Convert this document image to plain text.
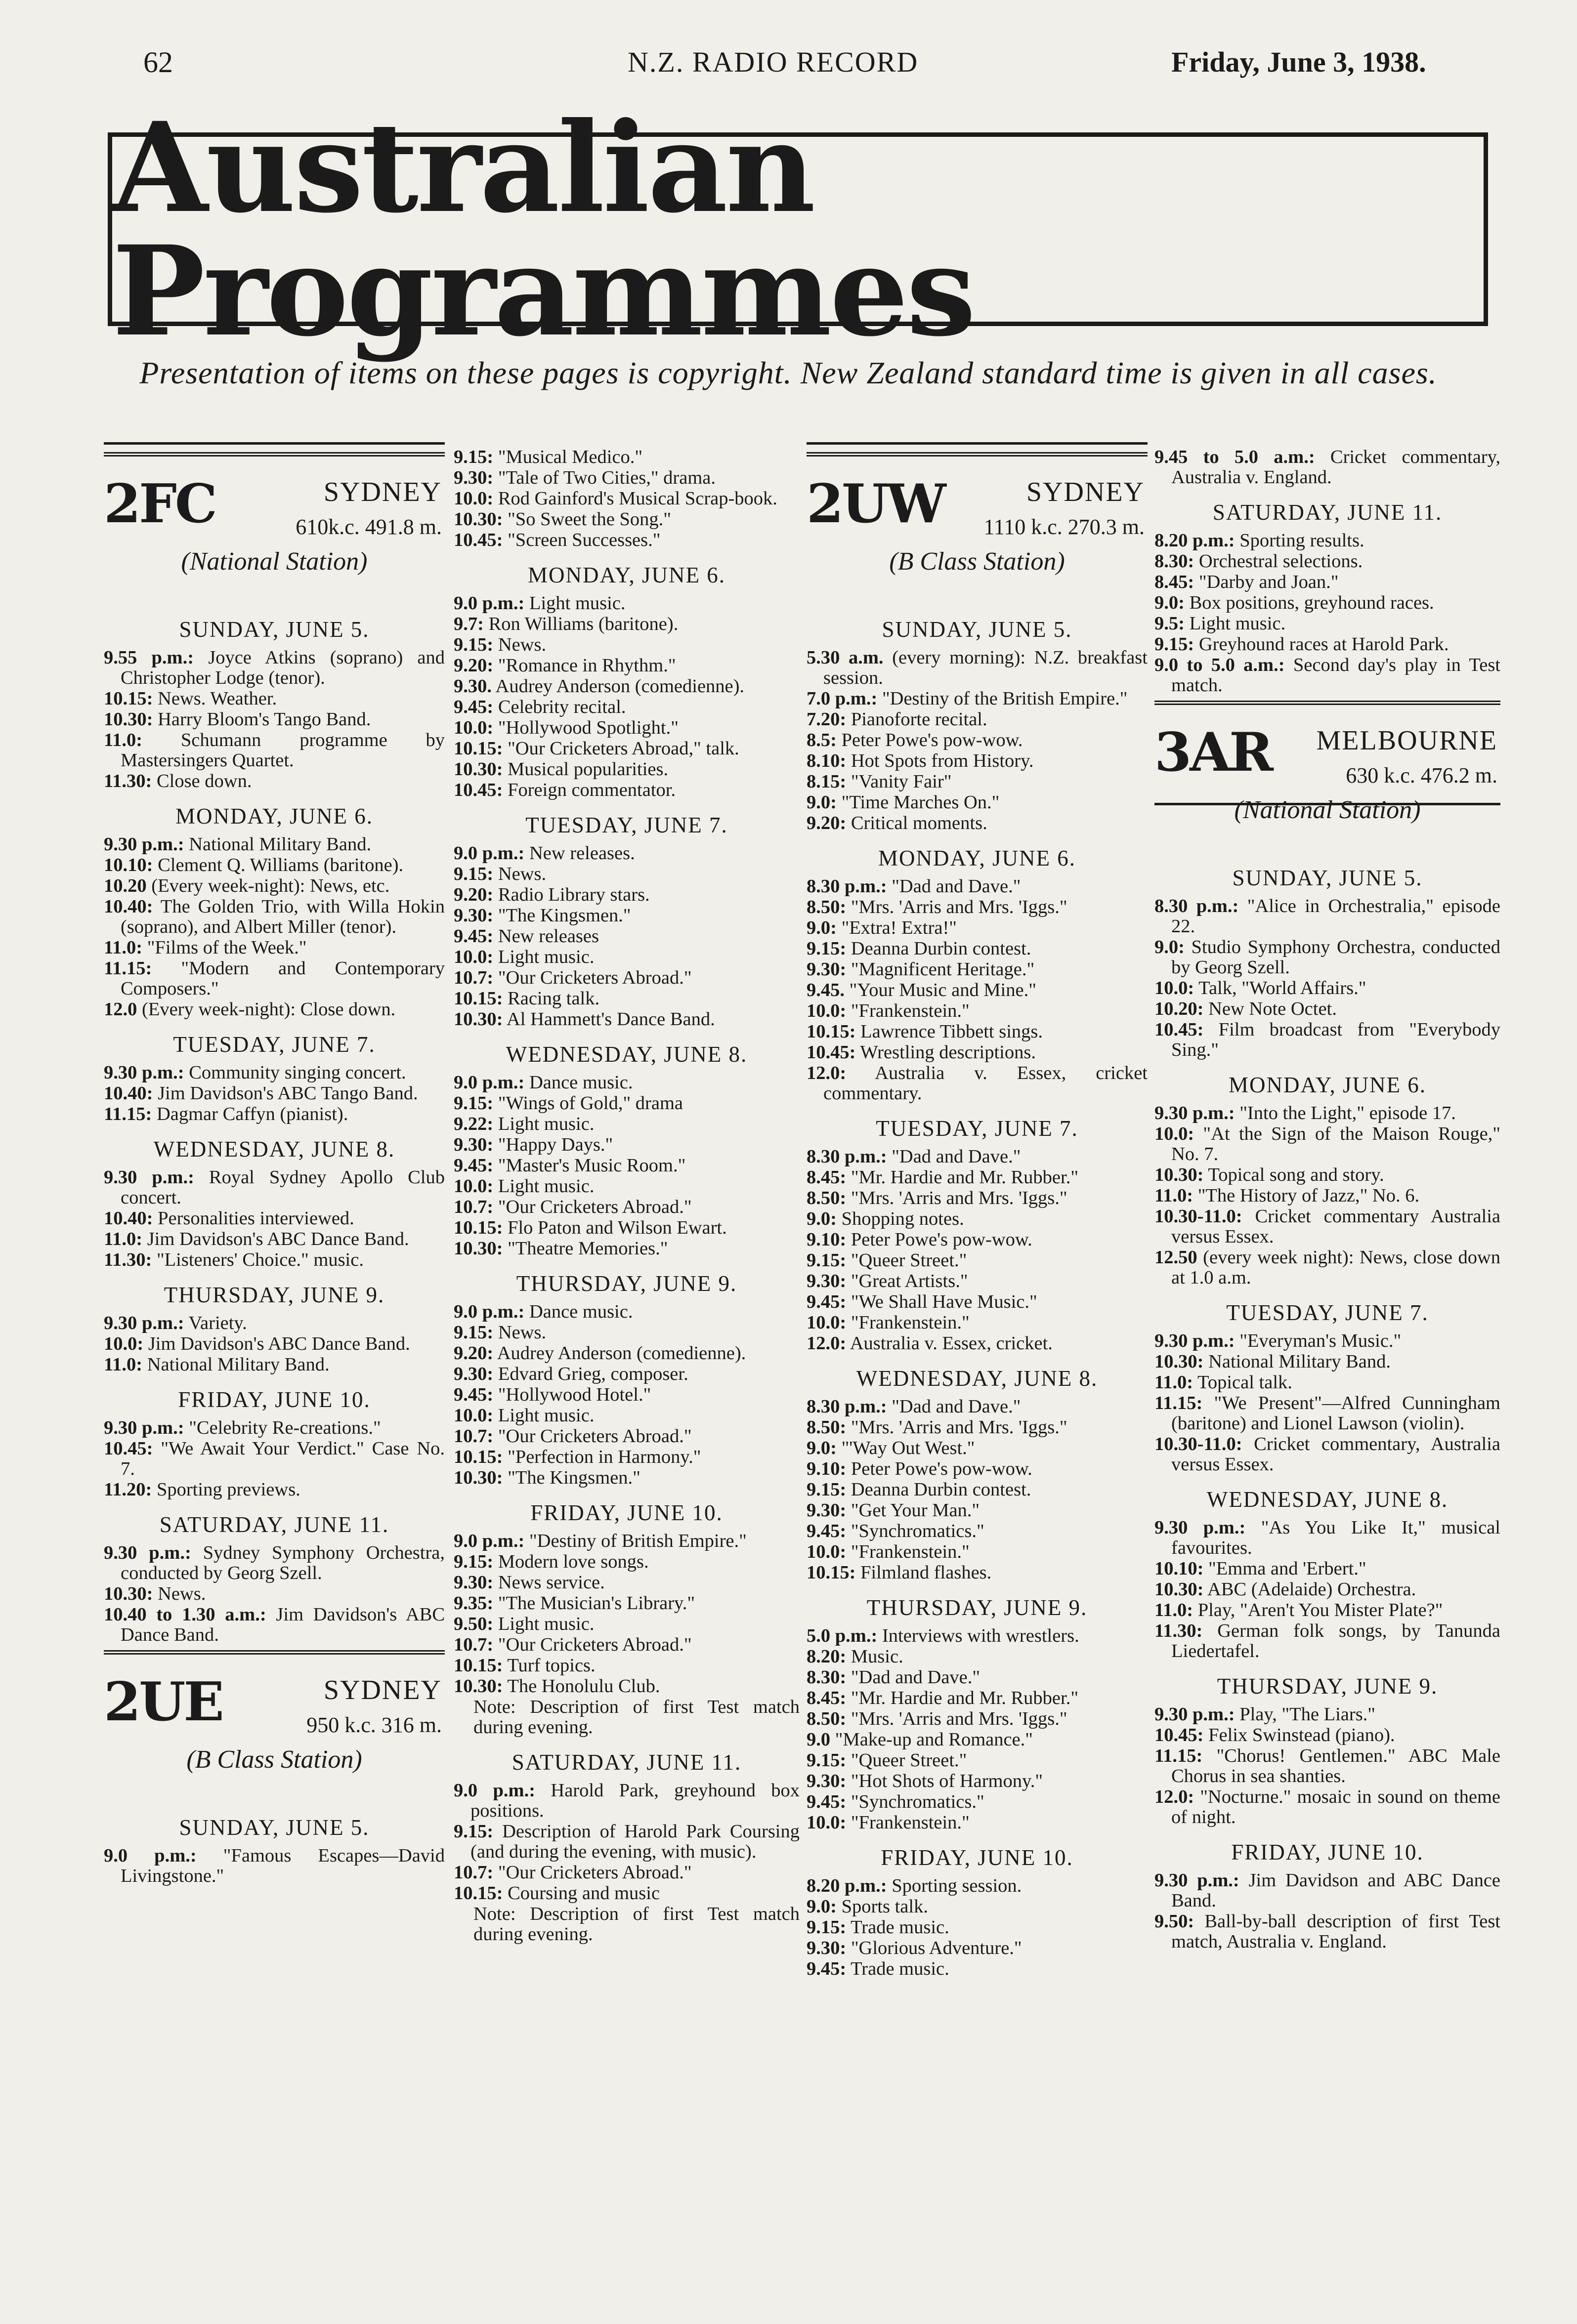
62	N.Z. RADIO RECORD	Friday, June 3, 1938.
Australian Programmes
Presentation of items on these pages is copyright. New Zealand standard time is given in all cases.
2FC	SYDNEY
610k.c. 491.8 m.
(National Station)
SUNDAY, JUNE 5.
9.55 p.m.: Joyce Atkins (soprano) and Christopher Lodge (tenor).
10.15: News. Weather.
10.30: Harry Bloom's Tango Band.
11.0: Schumann programme by Mastersingers Quartet.
11.30: Close down.
MONDAY, JUNE 6.
9.30 p.m.: National Military Band.
10.10: Clement Q. Williams (baritone).
10.20 (Every week-night): News, etc.
10.40: The Golden Trio, with Willa Hokin (soprano), and Albert Miller (tenor).
11.0: "Films of the Week."
11.15: "Modern and Contemporary Composers."
12.0 (Every week-night): Close down.
TUESDAY, JUNE 7.
9.30 p.m.: Community singing concert.
10.40: Jim Davidson's ABC Tango Band.
11.15: Dagmar Caffyn (pianist).
WEDNESDAY, JUNE 8.
9.30 p.m.: Royal Sydney Apollo Club concert.
10.40: Personalities interviewed.
11.0: Jim Davidson's ABC Dance Band.
11.30: "Listeners' Choice." music.
THURSDAY, JUNE 9.
9.30 p.m.: Variety.
10.0: Jim Davidson's ABC Dance Band.
11.0: National Military Band.
FRIDAY, JUNE 10.
9.30 p.m.: "Celebrity Re-creations."
10.45: "We Await Your Verdict." Case No. 7.
11.20: Sporting previews.
SATURDAY, JUNE 11.
9.30 p.m.: Sydney Symphony Orchestra, conducted by Georg Szell.
10.30: News.
10.40 to 1.30 a.m.: Jim Davidson's ABC Dance Band.
2UE	SYDNEY
950 k.c. 316 m.
(B Class Station)
SUNDAY, JUNE 5.
9.0 p.m.: "Famous Escapes—David Livingstone."
9.15: "Musical Medico."
9.30: "Tale of Two Cities," drama.
10.0: Rod Gainford's Musical Scrap-book.
10.30: "So Sweet the Song."
10.45: "Screen Successes."
MONDAY, JUNE 6.
9.0 p.m.: Light music.
9.7: Ron Williams (baritone).
9.15: News.
9.20: "Romance in Rhythm."
9.30. Audrey Anderson (comedienne).
9.45: Celebrity recital.
10.0: "Hollywood Spotlight."
10.15: "Our Cricketers Abroad," talk.
10.30: Musical popularities.
10.45: Foreign commentator.
TUESDAY, JUNE 7.
9.0 p.m.: New releases.
9.15: News.
9.20: Radio Library stars.
9.30: "The Kingsmen."
9.45: New releases
10.0: Light music.
10.7: "Our Cricketers Abroad."
10.15: Racing talk.
10.30: Al Hammett's Dance Band.
WEDNESDAY, JUNE 8.
9.0 p.m.: Dance music.
9.15: "Wings of Gold," drama
9.22: Light music.
9.30: "Happy Days."
9.45: "Master's Music Room."
10.0: Light music.
10.7: "Our Cricketers Abroad."
10.15: Flo Paton and Wilson Ewart.
10.30: "Theatre Memories."
THURSDAY, JUNE 9.
9.0 p.m.: Dance music.
9.15: News.
9.20: Audrey Anderson (comedienne).
9.30: Edvard Grieg, composer.
9.45: "Hollywood Hotel."
10.0: Light music.
10.7: "Our Cricketers Abroad."
10.15: "Perfection in Harmony."
10.30: "The Kingsmen."
FRIDAY, JUNE 10.
9.0 p.m.: "Destiny of British Empire."
9.15: Modern love songs.
9.30: News service.
9.35: "The Musician's Library."
9.50: Light music.
10.7: "Our Cricketers Abroad."
10.15: Turf topics.
10.30: The Honolulu Club.
Note: Description of first Test match during evening.
SATURDAY, JUNE 11.
9.0 p.m.: Harold Park, greyhound box positions.
9.15: Description of Harold Park Coursing (and during the evening, with music).
10.7: "Our Cricketers Abroad."
10.15: Coursing and music
Note: Description of first Test match during evening.
2UW	SYDNEY
1110 k.c. 270.3 m.
(B Class Station)
SUNDAY, JUNE 5.
5.30 a.m. (every morning): N.Z. breakfast session.
7.0 p.m.: "Destiny of the British Empire."
7.20: Pianoforte recital.
8.5: Peter Powe's pow-wow.
8.10: Hot Spots from History.
8.15: "Vanity Fair"
9.0: "Time Marches On."
9.20: Critical moments.
MONDAY, JUNE 6.
8.30 p.m.: "Dad and Dave."
8.50: "Mrs. 'Arris and Mrs. 'Iggs."
9.0: "Extra! Extra!"
9.15: Deanna Durbin contest.
9.30: "Magnificent Heritage."
9.45. "Your Music and Mine."
10.0: "Frankenstein."
10.15: Lawrence Tibbett sings.
10.45: Wrestling descriptions.
12.0: Australia v. Essex, cricket commentary.
TUESDAY, JUNE 7.
8.30 p.m.: "Dad and Dave."
8.45: "Mr. Hardie and Mr. Rubber."
8.50: "Mrs. 'Arris and Mrs. 'Iggs."
9.0: Shopping notes.
9.10: Peter Powe's pow-wow.
9.15: "Queer Street."
9.30: "Great Artists."
9.45: "We Shall Have Music."
10.0: "Frankenstein."
12.0: Australia v. Essex, cricket.
WEDNESDAY, JUNE 8.
8.30 p.m.: "Dad and Dave."
8.50: "Mrs. 'Arris and Mrs. 'Iggs."
9.0: "'Way Out West."
9.10: Peter Powe's pow-wow.
9.15: Deanna Durbin contest.
9.30: "Get Your Man."
9.45: "Synchromatics."
10.0: "Frankenstein."
10.15: Filmland flashes.
THURSDAY, JUNE 9.
5.0 p.m.: Interviews with wrestlers.
8.20: Music.
8.30: "Dad and Dave."
8.45: "Mr. Hardie and Mr. Rubber."
8.50: "Mrs. 'Arris and Mrs. 'Iggs."
9.0 "Make-up and Romance."
9.15: "Queer Street."
9.30: "Hot Shots of Harmony."
9.45: "Synchromatics."
10.0: "Frankenstein."
FRIDAY, JUNE 10.
8.20 p.m.: Sporting session.
9.0: Sports talk.
9.15: Trade music.
9.30: "Glorious Adventure."
9.45: Trade music.
9.45 to 5.0 a.m.: Cricket commentary, Australia v. England.
SATURDAY, JUNE 11.
8.20 p.m.: Sporting results.
8.30: Orchestral selections.
8.45: "Darby and Joan."
9.0: Box positions, greyhound races.
9.5: Light music.
9.15: Greyhound races at Harold Park.
9.0 to 5.0 a.m.: Second day's play in Test match.
3AR MELBOURNE
630 k.c. 476.2 m.
(National Station)
SUNDAY, JUNE 5.
8.30 p.m.: "Alice in Orchestralia," episode 22.
9.0: Studio Symphony Orchestra, conducted by Georg Szell.
10.0: Talk, "World Affairs."
10.20: New Note Octet.
10.45: Film broadcast from "Everybody Sing."
MONDAY, JUNE 6.
9.30 p.m.: "Into the Light," episode 17.
10.0: "At the Sign of the Maison Rouge," No. 7.
10.30: Topical song and story.
11.0: "The History of Jazz," No. 6.
10.30-11.0: Cricket commentary Australia versus Essex.
12.50 (every week night): News, close down at 1.0 a.m.
TUESDAY, JUNE 7.
9.30 p.m.: "Everyman's Music."
10.30: National Military Band.
11.0: Topical talk.
11.15: "We Present"—Alfred Cunningham (baritone) and Lionel Lawson (violin).
10.30-11.0: Cricket commentary, Australia versus Essex.
WEDNESDAY, JUNE 8.
9.30 p.m.: "As You Like It," musical favourites.
10.10: "Emma and 'Erbert."
10.30: ABC (Adelaide) Orchestra.
11.0: Play, "Aren't You Mister Plate?"
11.30: German folk songs, by Tanunda Liedertafel.
THURSDAY, JUNE 9.
9.30 p.m.: Play, "The Liars."
10.45: Felix Swinstead (piano).
11.15: "Chorus! Gentlemen." ABC Male Chorus in sea shanties.
12.0: "Nocturne." mosaic in sound on theme of night.
FRIDAY, JUNE 10.
9.30 p.m.: Jim Davidson and ABC Dance Band.
9.50: Ball-by-ball description of first Test match, Australia v. England.
